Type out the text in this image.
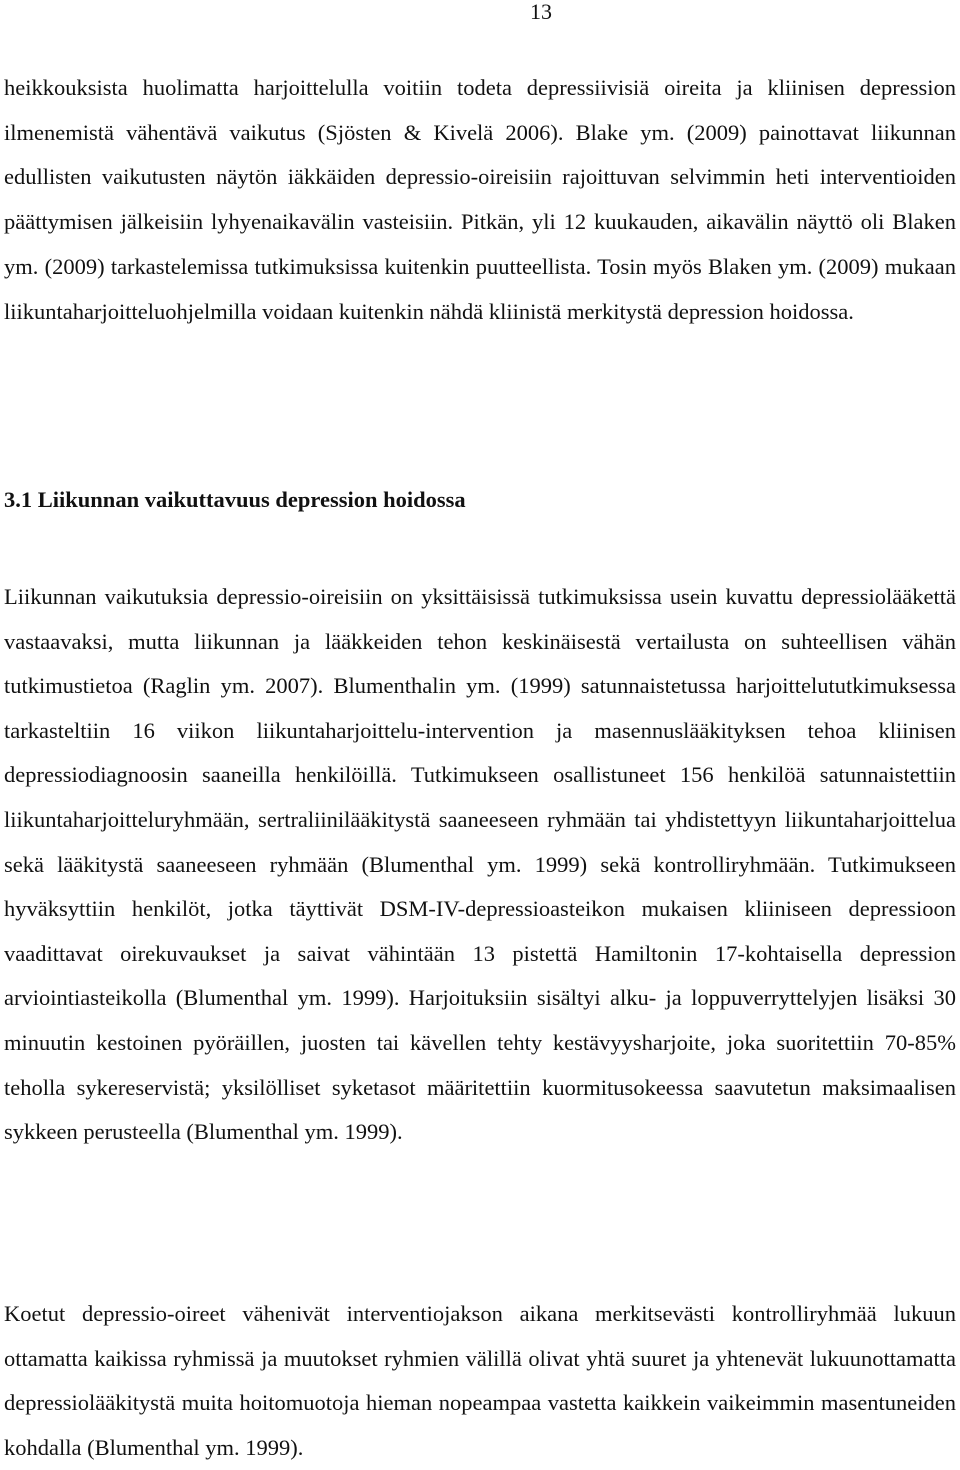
13

heikkouksista huolimatta harjoittelulla voitiin todeta depressiivisiä oireita ja kliinisen depression ilmenemistä vähentävä vaikutus (Sjösten & Kivelä 2006). Blake ym. (2009) painottavat liikunnan edullisten vaikutusten näytön iäkkäiden depressio-oireisiin rajoittuvan selvimmin heti interventioiden päättymisen jälkeisiin lyhyenaikavälin vasteisiin. Pitkän, yli 12 kuukauden, aikavälin näyttö oli Blaken ym. (2009) tarkastelemissa tutkimuksissa kuitenkin puutteellista. Tosin myös Blaken ym. (2009) mukaan liikuntaharjoitteluohjelmilla voidaan kuitenkin nähdä kliinistä merkitystä depression hoidossa.

3.1 Liikunnan vaikuttavuus depression hoidossa

Liikunnan vaikutuksia depressio-oireisiin on yksittäisissä tutkimuksissa usein kuvattu depressiolääkettä vastaavaksi, mutta liikunnan ja lääkkeiden tehon keskinäisestä vertailusta on suhteellisen vähän tutkimustietoa (Raglin ym. 2007). Blumenthalin ym. (1999) satunnaistetussa harjoittelututkimuksessa tarkasteltiin 16 viikon liikuntaharjoittelu-intervention ja masennuslääkityksen tehoa kliinisen depressiodiagnoosin saaneilla henkilöillä. Tutkimukseen osallistuneet 156 henkilöä satunnaistettiin liikuntaharjoitteluryhmään, sertraliinilääkitystä saaneeseen ryhmään tai yhdistettyyn liikuntaharjoittelua sekä lääkitystä saaneeseen ryhmään (Blumenthal ym. 1999) sekä kontrolliryhmään. Tutkimukseen hyväksyttiin henkilöt, jotka täyttivät DSM-IV-depressioasteikon mukaisen kliiniseen depressioon vaadittavat oirekuvaukset ja saivat vähintään 13 pistettä Hamiltonin 17-kohtaisella depression arviointiasteikolla (Blumenthal ym. 1999). Harjoituksiin sisältyi alku- ja loppuverryttelyjen lisäksi 30 minuutin kestoinen pyöräillen, juosten tai kävellen tehty kestävyysharjoite, joka suoritettiin 70-85% teholla sykereservistä; yksilölliset syketasot määritettiin kuormitusokeessa saavutetun maksimaalisen sykkeen perusteella (Blumenthal ym. 1999).

Koetut depressio-oireet vähenivät interventiojakson aikana merkitsevästi kontrolliryhmää lukuun ottamatta kaikissa ryhmissä ja muutokset ryhmien välillä olivat yhtä suuret ja yhtenevät lukuunottamatta depressiolääkitystä muita hoitomuotoja hieman nopeampaa vastetta kaikkein vaikeimmin masentuneiden kohdalla (Blumenthal ym. 1999).
